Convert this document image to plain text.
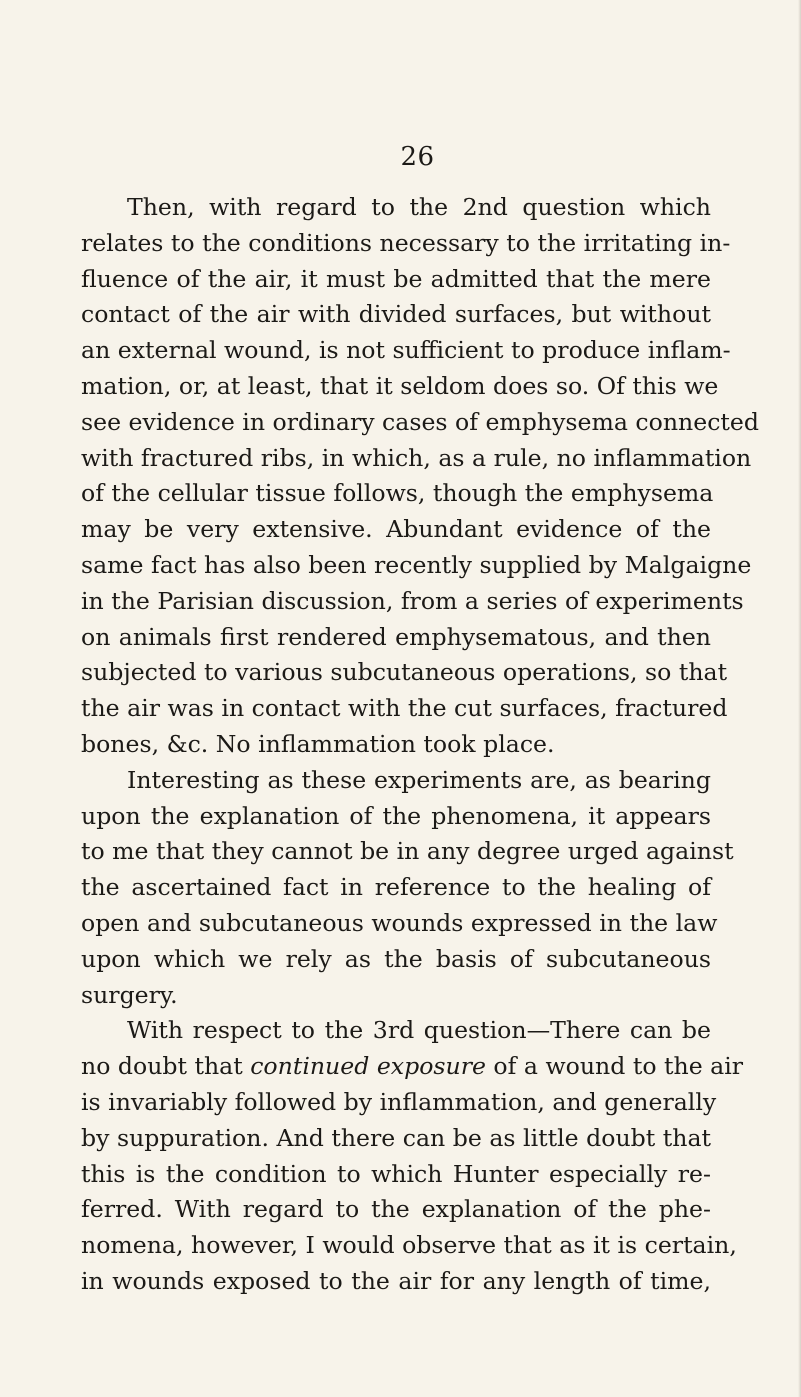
26
Then, with regard to the 2nd question which
relates to the conditions necessary to the irritating in-
fluence of the air, it must be admitted that the mere
contact of the air with divided surfaces, but without
an external wound, is not sufficient to produce inflam-
mation, or, at least, that it seldom does so. Of this we
see evidence in ordinary cases of emphysema connected
with fractured ribs, in which, as a rule, no inflammation
of the cellular tissue follows, though the emphysema
may be very extensive. Abundant evidence of the
same fact has also been recently supplied by Malgaigne
in the Parisian discussion, from a series of experiments
on animals first rendered emphysematous, and then
subjected to various subcutaneous operations, so that
the air was in contact with the cut surfaces, fractured
bones, &c. No inflammation took place.
Interesting as these experiments are, as bearing
upon the explanation of the phenomena, it appears
to me that they cannot be in any degree urged against
the ascertained fact in reference to the healing of
open and subcutaneous wounds expressed in the law
upon which we rely as the basis of subcutaneous
surgery.
With respect to the 3rd question—There can be
no doubt that continued exposure of a wound to the air
is invariably followed by inflammation, and generally
by suppuration. And there can be as little doubt that
this is the condition to which Hunter especially re-
ferred. With regard to the explanation of the phe-
nomena, however, I would observe that as it is certain,
in wounds exposed to the air for any length of time,
